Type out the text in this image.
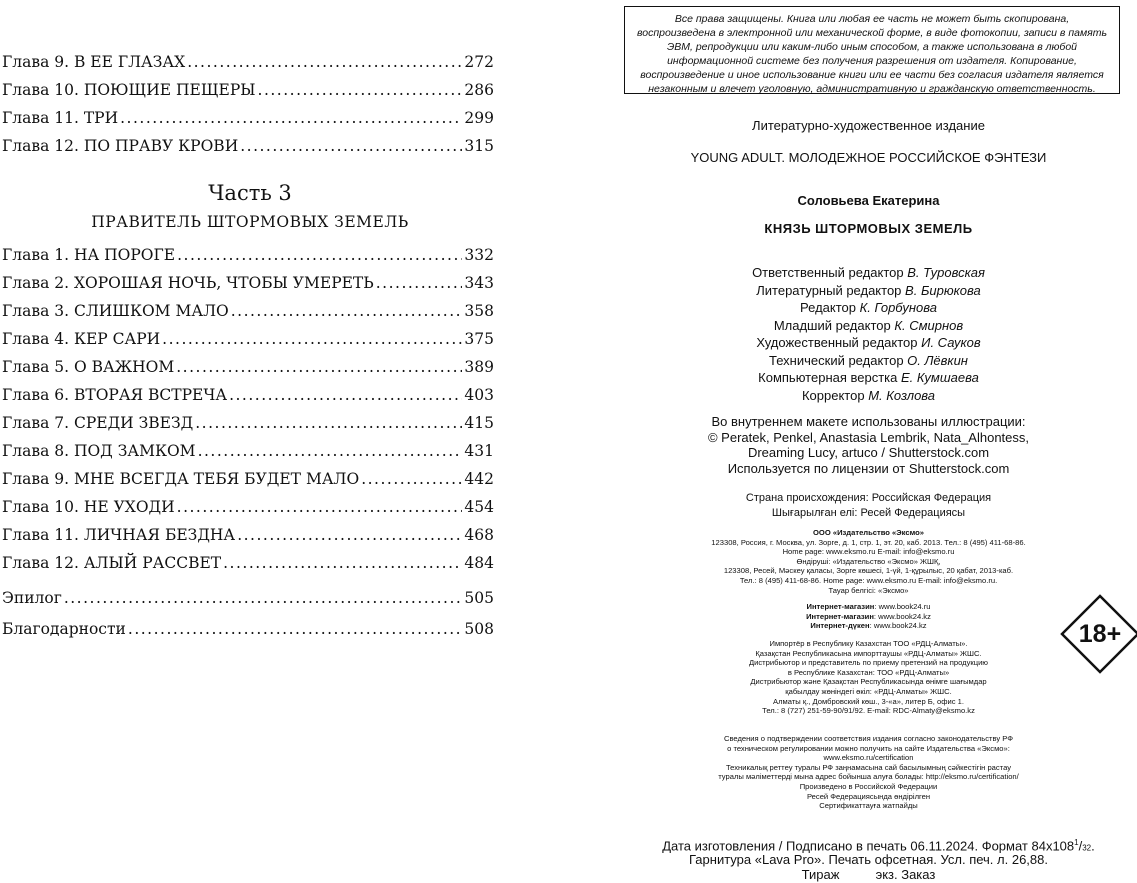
Глава 9. В ЕЕ ГЛАЗАХ .....	272
Глава 10. ПОЮЩИЕ ПЕЩЕРЫ .....	286
Глава 11. ТРИ .....	299
Глава 12. ПО ПРАВУ КРОВИ .....	315
Часть 3
ПРАВИТЕЛЬ ШТОРМОВЫХ ЗЕМЕЛЬ
Глава 1. НА ПОРОГЕ .....	332
Глава 2. ХОРОШАЯ НОЧЬ, ЧТОБЫ УМЕРЕТЬ .....	343
Глава 3. СЛИШКОМ МАЛО .....	358
Глава 4. КЕР САРИ .....	375
Глава 5. О ВАЖНОМ .....	389
Глава 6. ВТОРАЯ ВСТРЕЧА .....	403
Глава 7. СРЕДИ ЗВЕЗД .....	415
Глава 8. ПОД ЗАМКОМ .....	431
Глава 9. МНЕ ВСЕГДА ТЕБЯ БУДЕТ МАЛО .....	442
Глава 10. НЕ УХОДИ .....	454
Глава 11. ЛИЧНАЯ БЕЗДНА .....	468
Глава 12. АЛЫЙ РАССВЕТ .....	484
Эпилог .....	505
Благодарности .....	508
Все права защищены. Книга или любая ее часть не может быть скопирована, воспроизведена в электронной или механической форме, в виде фотокопии, записи в память ЭВМ, репродукции или каким-либо иным способом, а также использована в любой информационной системе без получения разрешения от издателя. Копирование, воспроизведение и иное использование книги или ее части без согласия издателя является незаконным и влечет уголовную, административную и гражданскую ответственность.
Литературно-художественное издание
YOUNG ADULT. МОЛОДЕЖНОЕ РОССИЙСКОЕ ФЭНТЕЗИ
Соловьева Екатерина
КНЯЗЬ ШТОРМОВЫХ ЗЕМЕЛЬ
Ответственный редактор В. Туровская
Литературный редактор В. Бирюкова
Редактор К. Горбунова
Младший редактор К. Смирнов
Художественный редактор И. Сауков
Технический редактор О. Лёвкин
Компьютерная верстка Е. Кумшаева
Корректор М. Козлова
Во внутреннем макете использованы иллюстрации:
© Peratek, Penkel, Anastasia Lembrik, Nata_Alhontess,
Dreaming Lucy, artuco / Shutterstock.com
Используется по лицензии от Shutterstock.com
Страна происхождения: Российская Федерация
Шығарылған елі: Ресей Федерациясы
ООО «Издательство «Эксмо»
123308, Россия, г. Москва, ул. Зорге, д. 1, стр. 1, эт. 20, каб. 2013. Тел.: 8 (495) 411-68-86.
Home page: www.eksmo.ru E-mail: info@eksmo.ru
Өндіруші: «Издательство «Эксмо» ЖШҚ,
123308, Ресей, Мәскеу қаласы, Зорге көшесі, 1-үй, 1-құрылыс, 20 қабат, 2013-каб.
Тел.: 8 (495) 411-68-86. Home page: www.eksmo.ru E-mail: info@eksmo.ru.
Тауар белгісі: «Эксмо»
Интернет-магазин: www.book24.ru
Интернет-магазин: www.book24.kz
Интернет-дүкен: www.book24.kz
Импортёр в Республику Казахстан ТОО «РДЦ-Алматы».
Қазақстан Республикасына импорттаушы «РДЦ-Алматы» ЖШС.
Дистрибьютор и представитель по приему претензий на продукцию
в Республике Казахстан: ТОО «РДЦ-Алматы»
Дистрибьютор және Қазақстан Республикасында өнімге шағымдар
қабылдау жөніндегі өкіл: «РДЦ-Алматы» ЖШС.
Алматы қ., Домбровский көш., 3-«а», литер Б, офис 1.
Тел.: 8 (727) 251-59-90/91/92. E-mail: RDC-Almaty@eksmo.kz
Сведения о подтверждении соответствия издания согласно законодательству РФ
о техническом регулировании можно получить на сайте Издательства «Эксмо»:
www.eksmo.ru/certification
Техникалық реттеу туралы РФ заңнамасына сай басылымның сәйкестігін растау
туралы мәліметтерді мына адрес бойынша алуға болады: http://eksmo.ru/certification/
Произведено в Российской Федерации
Ресей Федерациясында өндірілген
Сертификаттауға жатпайды
18+
Дата изготовления / Подписано в печать 06.11.2024. Формат $84х108^1/32$.
Гарнитура «Lava Pro». Печать офсетная. Усл. печ. л. 26,88.
Тираж          экз. Заказ
